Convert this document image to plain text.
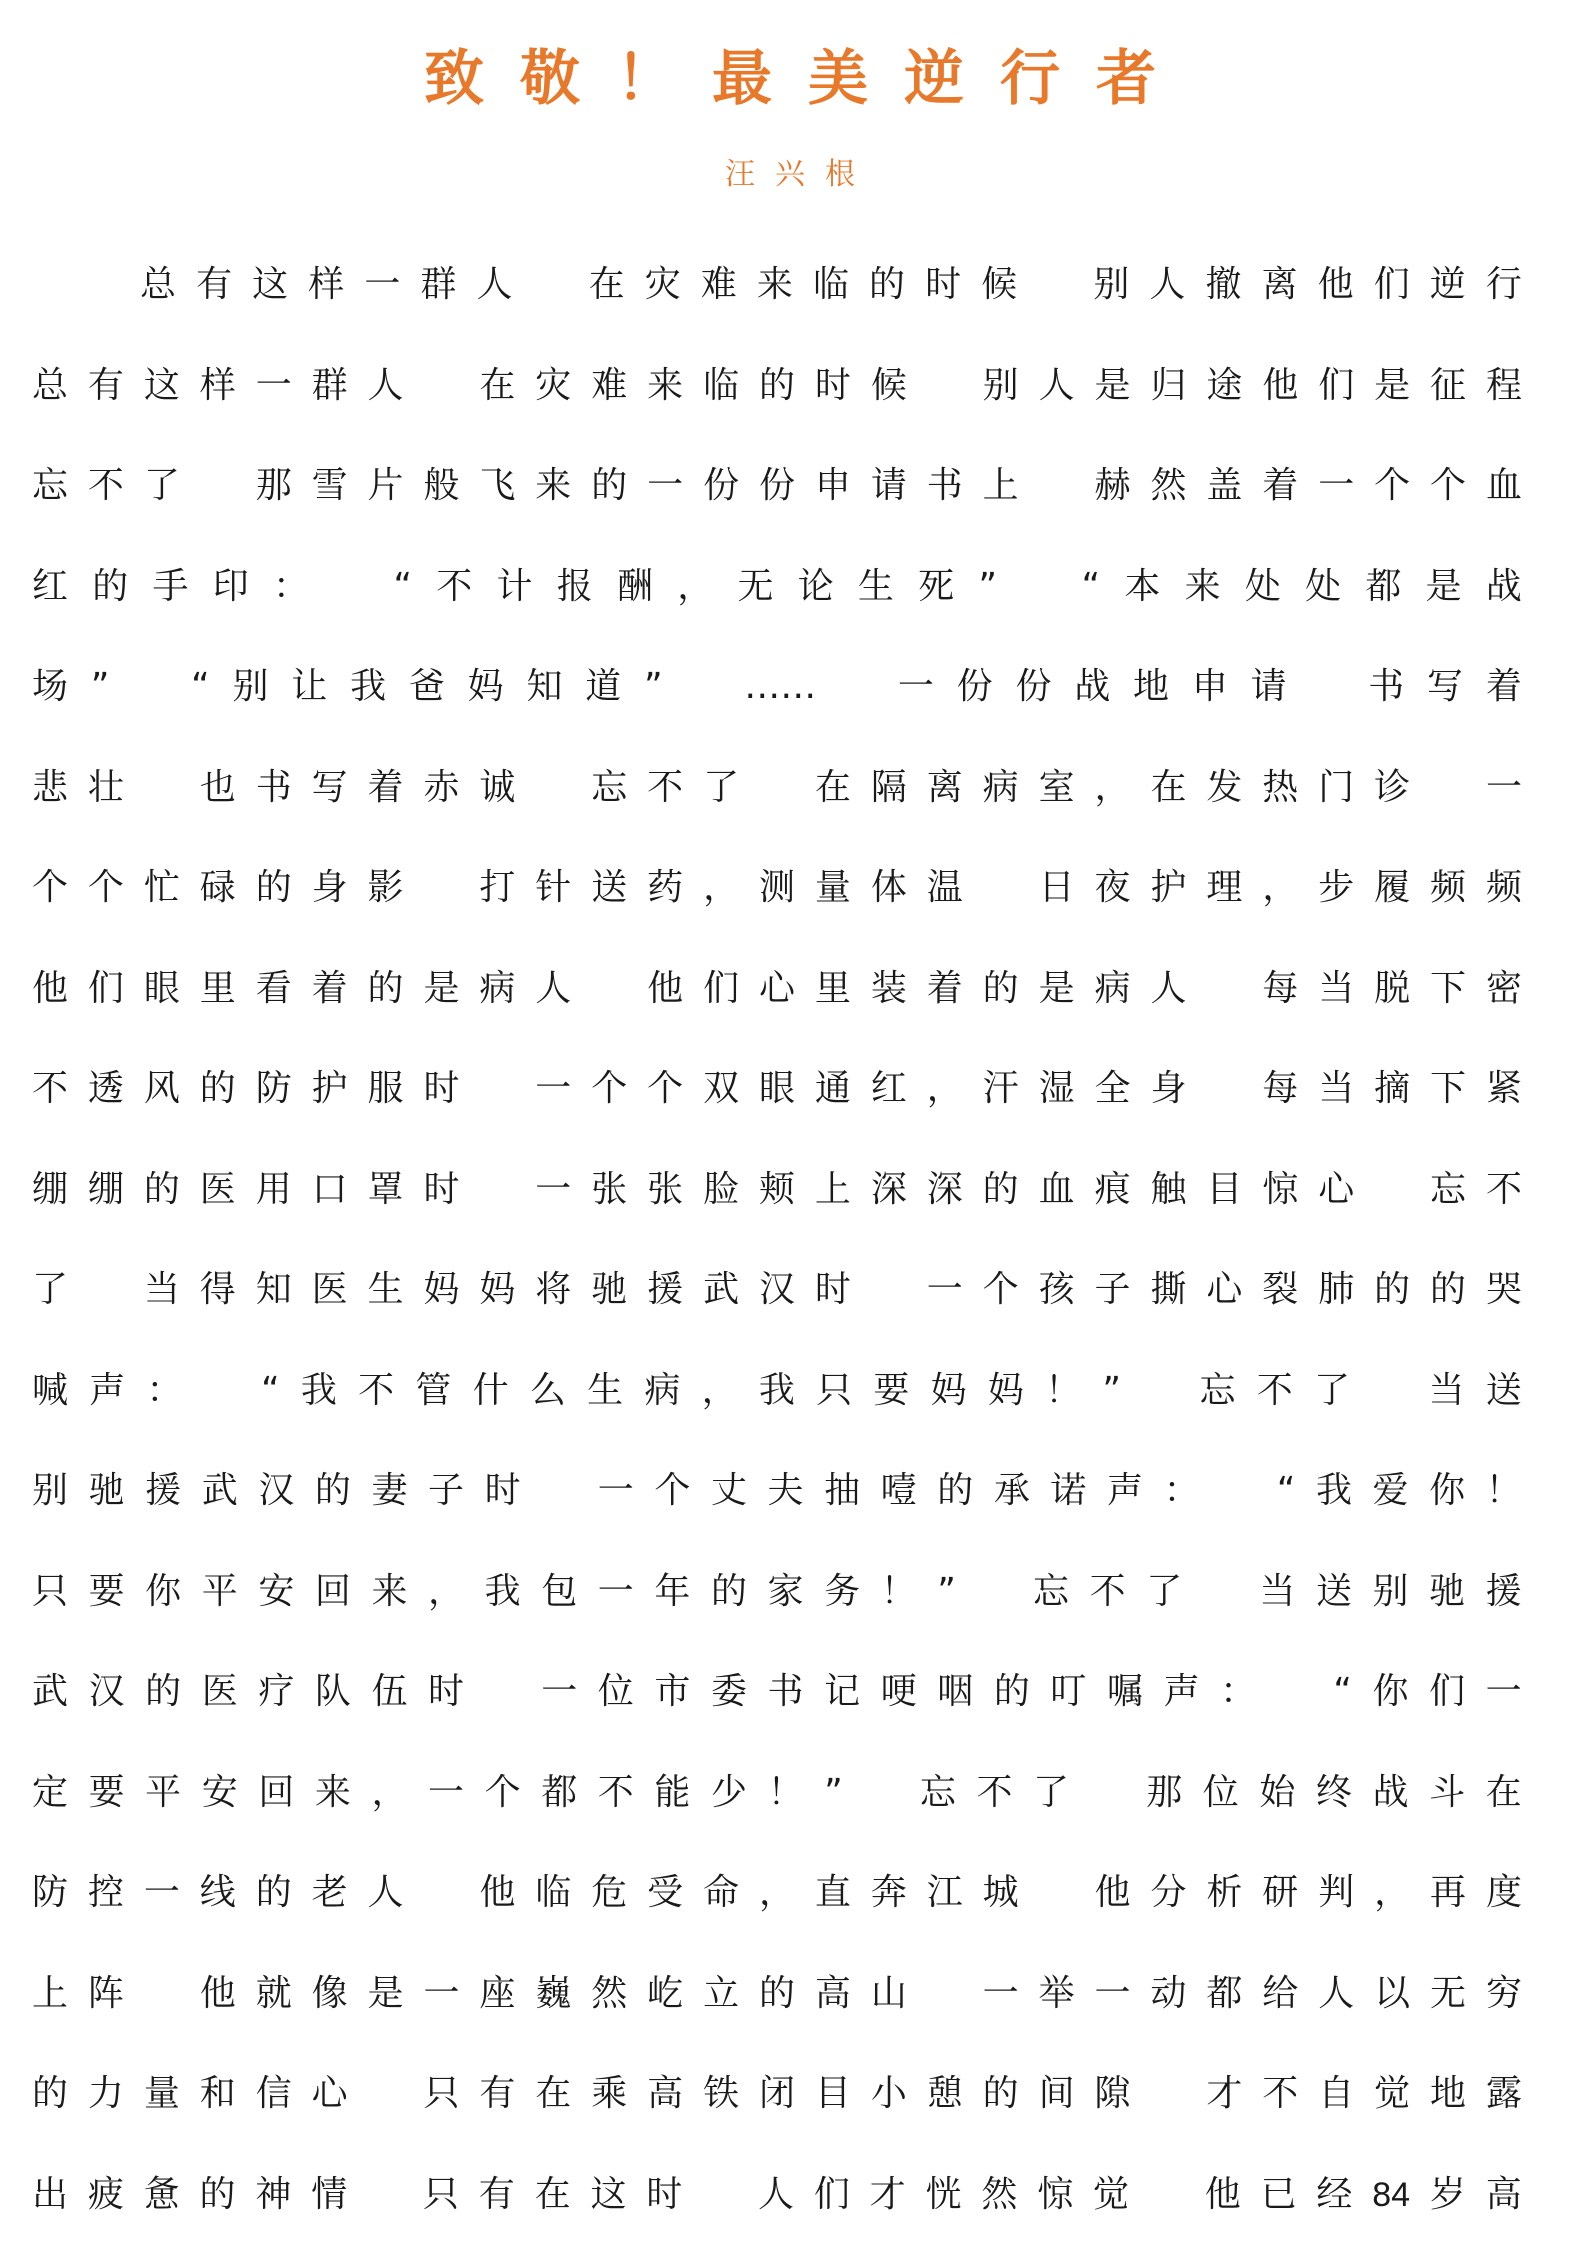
致敬！最美逆行者
汪兴根
总 有 这 样 一 群 人
　 在 灾 难 来 临 的 时 候
　 别 人 撤 离 他 们 逆 行
总 有 这 样 一 群 人
　 在 灾 难 来 临 的 时 候
　 别 人 是 归 途 他 们 是 征 程
忘 不 了
　 那 雪 片 般 飞 来 的 一 份 份 申 请 书 上
　 赫 然 盖 着 一 个 个 血
红 的 手 印 ：
　 “ 不 计 报 酬 ， 无 论 生 死 ”
　 “ 本 来 处 处 都 是 战
场 ”
　 “ 别 让 我 爸 妈 知 道 ”
　 ……
　 一 份 份 战 地 申 请
　 书 写 着
悲 壮
　 也 书 写 着 赤 诚
　 忘 不 了
　 在 隔 离 病 室 ， 在 发 热 门 诊
　 一
个 个 忙 碌 的 身 影
　 打 针 送 药 ， 测 量 体 温
　 日 夜 护 理 ， 步 履 频 频
他 们 眼 里 看 着 的 是 病 人
　 他 们 心 里 装 着 的 是 病 人
　 每 当 脱 下 密
不 透 风 的 防 护 服 时
　 一 个 个 双 眼 通 红 ， 汗 湿 全 身
　 每 当 摘 下 紧
绷 绷 的 医 用 口 罩 时
　 一 张 张 脸 颊 上 深 深 的 血 痕 触 目 惊 心
　 忘 不
了
　 当 得 知 医 生 妈 妈 将 驰 援 武 汉 时
　 一 个 孩 子 撕 心 裂 肺 的 的 哭
喊 声 ：
　 “ 我 不 管 什 么 生 病 ， 我 只 要 妈 妈 ！ ”
　 忘 不 了
　 当 送
别 驰 援 武 汉 的 妻 子 时
　 一 个 丈 夫 抽 噎 的 承 诺 声 ：
　 “ 我 爱 你 ！
只 要 你 平 安 回 来 ， 我 包 一 年 的 家 务 ！ ”
　 忘 不 了
　 当 送 别 驰 援
武 汉 的 医 疗 队 伍 时
　 一 位 市 委 书 记 哽 咽 的 叮 嘱 声 ：
　 “ 你 们 一
定 要 平 安 回 来 ， 一 个 都 不 能 少 ！ ”
　 忘 不 了
　 那 位 始 终 战 斗 在
防 控 一 线 的 老 人
　 他 临 危 受 命 ， 直 奔 江 城
　 他 分 析 研 判 ， 再 度
上 阵
　 他 就 像 是 一 座 巍 然 屹 立 的 高 山
　 一 举 一 动 都 给 人 以 无 穷
的 力 量 和 信 心
　 只 有 在 乘 高 铁 闭 目 小 憩 的 间 隙
　 才 不 自 觉 地 露
出 疲 惫 的 神 情
　 只 有 在 这 时
　 人 们 才 恍 然 惊 觉
　 他 已 经 84 岁 高
